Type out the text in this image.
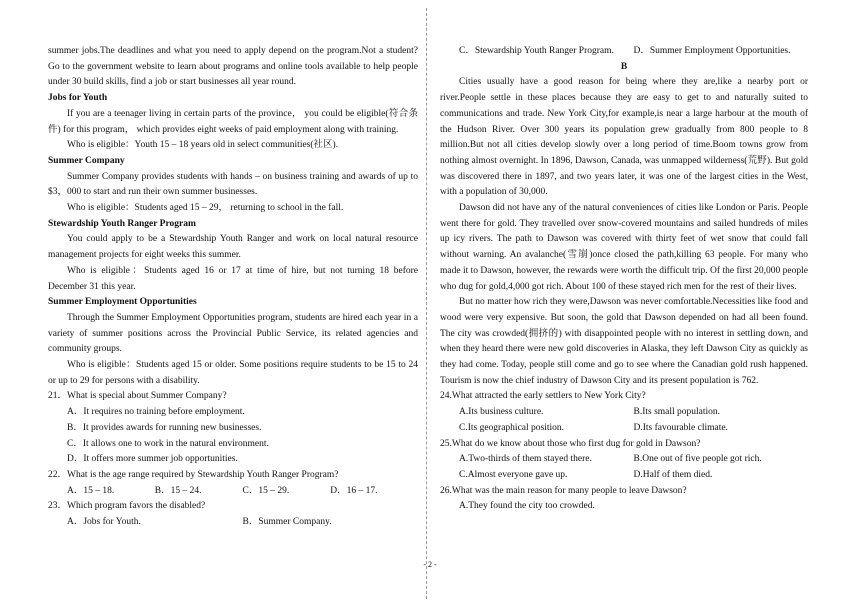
summer jobs.The deadlines and what you need to apply depend on the program.Not a student? Go to the government website to learn about programs and online tools available to help people under 30 build skills, find a job or start businesses all year round.

Jobs for Youth

If you are a teenager living in certain parts of the province， you could be eligible(符合条件) for this program， which provides eight weeks of paid employment along with training.

Who is eligible：Youth 15 – 18 years old in select communities(社区).

Summer Company

Summer Company provides students with hands – on business training and awards of up to $3，000 to start and run their own summer businesses.

Who is eligible：Students aged 15 – 29， returning to school in the fall.

Stewardship Youth Ranger Program

You could apply to be a Stewardship Youth Ranger and work on local natural resource management projects for eight weeks this summer.

Who is eligible：Students aged 16 or 17 at time of hire, but not turning 18 before December 31 this year.

Summer Employment Opportunities

Through the Summer Employment Opportunities program, students are hired each year in a variety of summer positions across the Provincial Public Service, its related agencies and community groups.

Who is eligible：Students aged 15 or older. Some positions require students to be 15 to 24 or up to 29 for persons with a disability.

21．What is special about Summer Company?

A．It requires no training before employment.

B．It provides awards for running new businesses.

C．It allows one to work in the natural environment.

D．It offers more summer job opportunities.

22．What is the age range required by Stewardship Youth Ranger Program?

A．15 – 18.	B．15 – 24.	C．15 – 29.	D．16 – 17.

23．Which program favors the disabled?

A．Jobs for Youth.	B．Summer Company.
C．Stewardship Youth Ranger Program.	D．Summer Employment Opportunities.

B

Cities usually have a good reason for being where they are,like a nearby port or river.People settle in these places because they are easy to get to and naturally suited to communications and trade. New York City,for example,is near a large harbour at the mouth of the Hudson River. Over 300 years its population grew gradually from 800 people to 8 million.But not all cities develop slowly over a long period of time.Boom towns grow from nothing almost overnight. In 1896, Dawson, Canada, was unmapped wilderness(荒野). But gold was discovered there in 1897, and two years later, it was one of the largest cities in the West, with a population of 30,000.

Dawson did not have any of the natural conveniences of cities like London or Paris. People went there for gold. They travelled over snow-covered mountains and sailed hundreds of miles up icy rivers. The path to Dawson was covered with thirty feet of wet snow that could fall without warning. An avalanche(雪崩)once closed the path,killing 63 people. For many who made it to Dawson, however, the rewards were worth the difficult trip. Of the first 20,000 people who dug for gold,4,000 got rich. About 100 of these stayed rich men for the rest of their lives.

But no matter how rich they were,Dawson was never comfortable.Necessities like food and wood were very expensive. But soon, the gold that Dawson depended on had all been found. The city was crowded(拥挤的) with disappointed people with no interest in settling down, and when they heard there were new gold discoveries in Alaska, they left Dawson City as quickly as they had come. Today, people still come and go to see where the Canadian gold rush happened. Tourism is now the chief industry of Dawson City and its present population is 762.

24.What attracted the early settlers to New York City?

A.Its business culture.	B.Its small population.
C.Its geographical position.	D.Its favourable climate.

25.What do we know about those who first dug for gold in Dawson?

A.Two-thirds of them stayed there.	B.One out of five people got rich.
C.Almost everyone gave up.	D.Half of them died.

26.What was the main reason for many people to leave Dawson?

A.They found the city too crowded.

- 2 -
